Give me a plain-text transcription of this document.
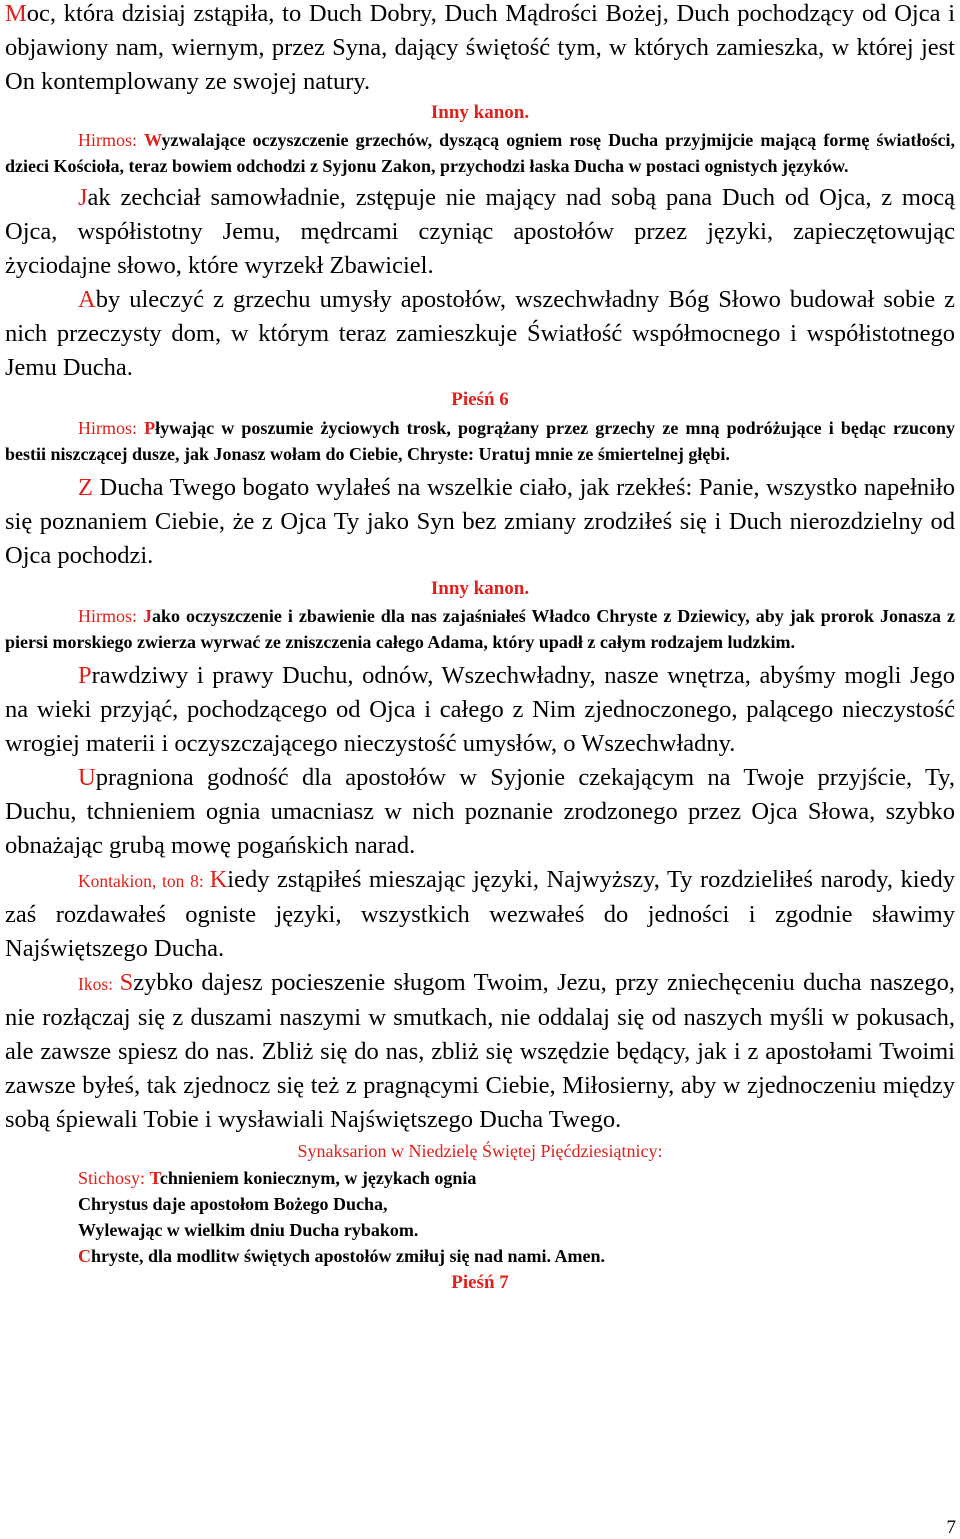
Moc, która dzisiaj zstąpiła, to Duch Dobry, Duch Mądrości Bożej, Duch pochodzący od Ojca i objawiony nam, wiernym, przez Syna, dający świętość tym, w których zamieszka, w której jest On kontemplowany ze swojej natury.

Inny kanon.

Hirmos: Wyzwalające oczyszczenie grzechów, dyszącą ogniem rosę Ducha przyjmijcie mającą formę światłości, dzieci Kościoła, teraz bowiem odchodzi z Syjonu Zakon, przychodzi łaska Ducha w postaci ognistych języków.

Jak zechciał samowładnie, zstępuje nie mający nad sobą pana Duch od Ojca, z mocą Ojca, współistotny Jemu, mędrcami czyniąc apostołów przez języki, zapieczętowując życiodajne słowo, które wyrzekł Zbawiciel.

Aby uleczyć z grzechu umysły apostołów, wszechwładny Bóg Słowo budował sobie z nich przeczysty dom, w którym teraz zamieszkuje Światłość współmocnego i współistotnego Jemu Ducha.

Pieśń 6

Hirmos: Pływając w poszumie życiowych trosk, pogrążany przez grzechy ze mną podróżujące i będąc rzucony bestii niszczącej dusze, jak Jonasz wołam do Ciebie, Chryste: Uratuj mnie ze śmiertelnej głębi.

Z Ducha Twego bogato wylałeś na wszelkie ciało, jak rzekłeś: Panie, wszystko napełniło się poznaniem Ciebie, że z Ojca Ty jako Syn bez zmiany zrodziłeś się i Duch nierozdzielny od Ojca pochodzi.

Inny kanon.

Hirmos: Jako oczyszczenie i zbawienie dla nas zajaśniałeś Władco Chryste z Dziewicy, aby jak prorok Jonasza z piersi morskiego zwierza wyrwać ze zniszczenia całego Adama, który upadł z całym rodzajem ludzkim.

Prawdziwy i prawy Duchu, odnów, Wszechwładny, nasze wnętrza, abyśmy mogli Jego na wieki przyjąć, pochodzącego od Ojca i całego z Nim zjednoczonego, palącego nieczystość wrogiej materii i oczyszczającego nieczystość umysłów, o Wszechwładny.

Upragniona godność dla apostołów w Syjonie czekającym na Twoje przyjście, Ty, Duchu, tchnieniem ognia umacniasz w nich poznanie zrodzonego przez Ojca Słowa, szybko obnażając grubą mowę pogańskich narad.

Kontakion, ton 8: Kiedy zstąpiłeś mieszając języki, Najwyższy, Ty rozdzieliłeś narody, kiedy zaś rozdawałeś ogniste języki, wszystkich wezwałeś do jedności i zgodnie sławimy Najświętszego Ducha.

Ikos: Szybko dajesz pocieszenie sługom Twoim, Jezu, przy zniechęceniu ducha naszego, nie rozłączaj się z duszami naszymi w smutkach, nie oddalaj się od naszych myśli w pokusach, ale zawsze spiesz do nas. Zbliż się do nas, zbliż się wszędzie będący, jak i z apostołami Twoimi zawsze byłeś, tak zjednocz się też z pragnącymi Ciebie, Miłosierny, aby w zjednoczeniu między sobą śpiewali Tobie i wysławiali Najświętszego Ducha Twego.

Synaksarion w Niedzielę Świętej Pięćdziesiątnicy:

Stichosy: Tchnieniem koniecznym, w językach ognia
Chrystus daje apostołom Bożego Ducha,
Wylewając w wielkim dniu Ducha rybakom.
Chryste, dla modlitw świętych apostołów zmiłuj się nad nami. Amen.

Pieśń 7

7
